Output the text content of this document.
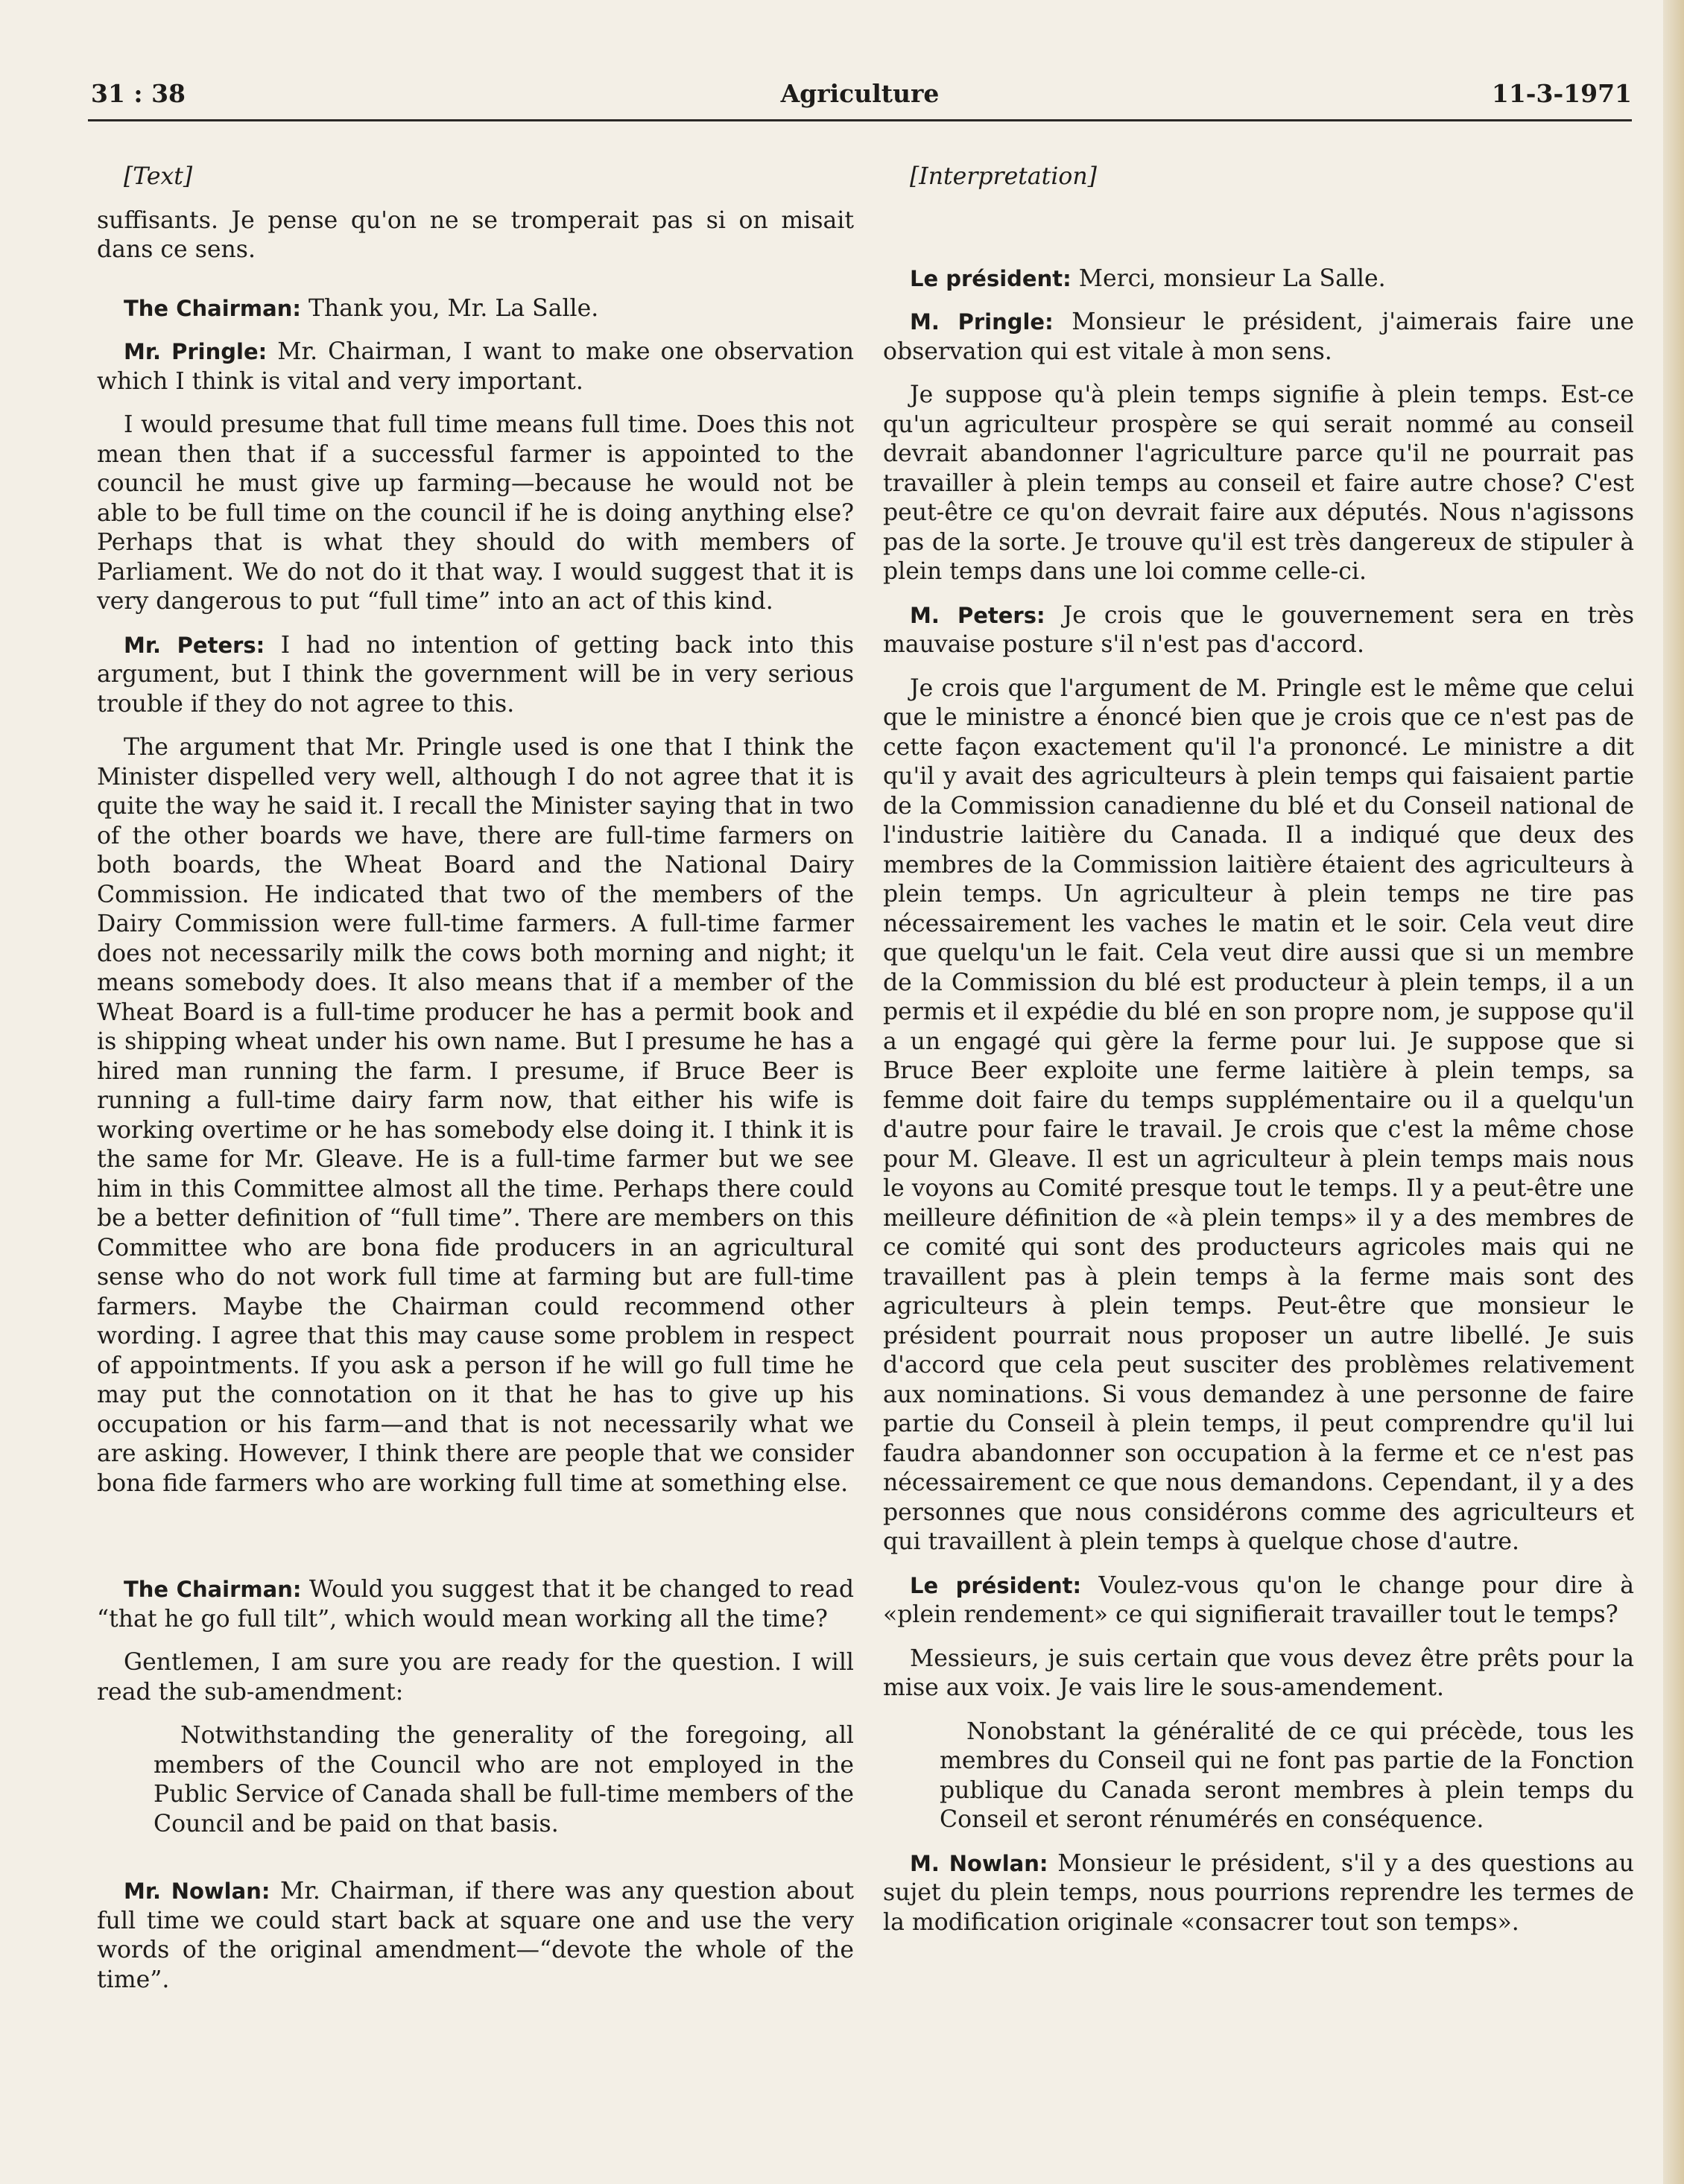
31 : 38	Agriculture	11-3-1971

[Text]

suffisants. Je pense qu'on ne se tromperait pas si on misait dans ce sens.

The Chairman: Thank you, Mr. La Salle.

Mr. Pringle: Mr. Chairman, I want to make one observation which I think is vital and very important.

I would presume that full time means full time. Does this not mean then that if a successful farmer is appointed to the council he must give up farming—because he would not be able to be full time on the council if he is doing anything else? Perhaps that is what they should do with members of Parliament. We do not do it that way. I would suggest that it is very dangerous to put “full time” into an act of this kind.

Mr. Peters: I had no intention of getting back into this argument, but I think the government will be in very serious trouble if they do not agree to this.

The argument that Mr. Pringle used is one that I think the Minister dispelled very well, although I do not agree that it is quite the way he said it. I recall the Minister saying that in two of the other boards we have, there are full-time farmers on both boards, the Wheat Board and the National Dairy Commission. He indicated that two of the members of the Dairy Commission were full-time farmers. A full-time farmer does not necessarily milk the cows both morning and night; it means somebody does. It also means that if a member of the Wheat Board is a full-time producer he has a permit book and is shipping wheat under his own name. But I presume he has a hired man running the farm. I presume, if Bruce Beer is running a full-time dairy farm now, that either his wife is working overtime or he has somebody else doing it. I think it is the same for Mr. Gleave. He is a full-time farmer but we see him in this Committee almost all the time. Perhaps there could be a better definition of “full time”. There are members on this Committee who are bona fide producers in an agricultural sense who do not work full time at farming but are full-time farmers. Maybe the Chairman could recommend other wording. I agree that this may cause some problem in respect of appointments. If you ask a person if he will go full time he may put the connotation on it that he has to give up his occupation or his farm—and that is not necessarily what we are asking. However, I think there are people that we consider bona fide farmers who are working full time at something else.

The Chairman: Would you suggest that it be changed to read “that he go full tilt”, which would mean working all the time?

Gentlemen, I am sure you are ready for the question. I will read the sub-amendment:

Notwithstanding the generality of the foregoing, all members of the Council who are not employed in the Public Service of Canada shall be full-time members of the Council and be paid on that basis.

Mr. Nowlan: Mr. Chairman, if there was any question about full time we could start back at square one and use the very words of the original amendment—“devote the whole of the time”.

[Interpretation]

Le président: Merci, monsieur La Salle.

M. Pringle: Monsieur le président, j'aimerais faire une observation qui est vitale à mon sens.

Je suppose qu'à plein temps signifie à plein temps. Est-ce qu'un agriculteur prospère se qui serait nommé au conseil devrait abandonner l'agriculture parce qu'il ne pourrait pas travailler à plein temps au conseil et faire autre chose? C'est peut-être ce qu'on devrait faire aux députés. Nous n'agissons pas de la sorte. Je trouve qu'il est très dangereux de stipuler à plein temps dans une loi comme celle-ci.

M. Peters: Je crois que le gouvernement sera en très mauvaise posture s'il n'est pas d'accord.

Je crois que l'argument de M. Pringle est le même que celui que le ministre a énoncé bien que je crois que ce n'est pas de cette façon exactement qu'il l'a prononcé. Le ministre a dit qu'il y avait des agriculteurs à plein temps qui faisaient partie de la Commission canadienne du blé et du Conseil national de l'industrie laitière du Canada. Il a indiqué que deux des membres de la Commission laitière étaient des agriculteurs à plein temps. Un agriculteur à plein temps ne tire pas nécessairement les vaches le matin et le soir. Cela veut dire que quelqu'un le fait. Cela veut dire aussi que si un membre de la Commission du blé est producteur à plein temps, il a un permis et il expédie du blé en son propre nom, je suppose qu'il a un engagé qui gère la ferme pour lui. Je suppose que si Bruce Beer exploite une ferme laitière à plein temps, sa femme doit faire du temps supplémentaire ou il a quelqu'un d'autre pour faire le travail. Je crois que c'est la même chose pour M. Gleave. Il est un agriculteur à plein temps mais nous le voyons au Comité presque tout le temps. Il y a peut-être une meilleure définition de «à plein temps» il y a des membres de ce comité qui sont des producteurs agricoles mais qui ne travaillent pas à plein temps à la ferme mais sont des agriculteurs à plein temps. Peut-être que monsieur le président pourrait nous proposer un autre libellé. Je suis d'accord que cela peut susciter des problèmes relativement aux nominations. Si vous demandez à une personne de faire partie du Conseil à plein temps, il peut comprendre qu'il lui faudra abandonner son occupation à la ferme et ce n'est pas nécessairement ce que nous demandons. Cependant, il y a des personnes que nous considérons comme des agriculteurs et qui travaillent à plein temps à quelque chose d'autre.

Le président: Voulez-vous qu'on le change pour dire à «plein rendement» ce qui signifierait travailler tout le temps?

Messieurs, je suis certain que vous devez être prêts pour la mise aux voix. Je vais lire le sous-amendement.

Nonobstant la généralité de ce qui précède, tous les membres du Conseil qui ne font pas partie de la Fonction publique du Canada seront membres à plein temps du Conseil et seront rénumérés en conséquence.

M. Nowlan: Monsieur le président, s'il y a des questions au sujet du plein temps, nous pourrions reprendre les termes de la modification originale «consacrer tout son temps».
